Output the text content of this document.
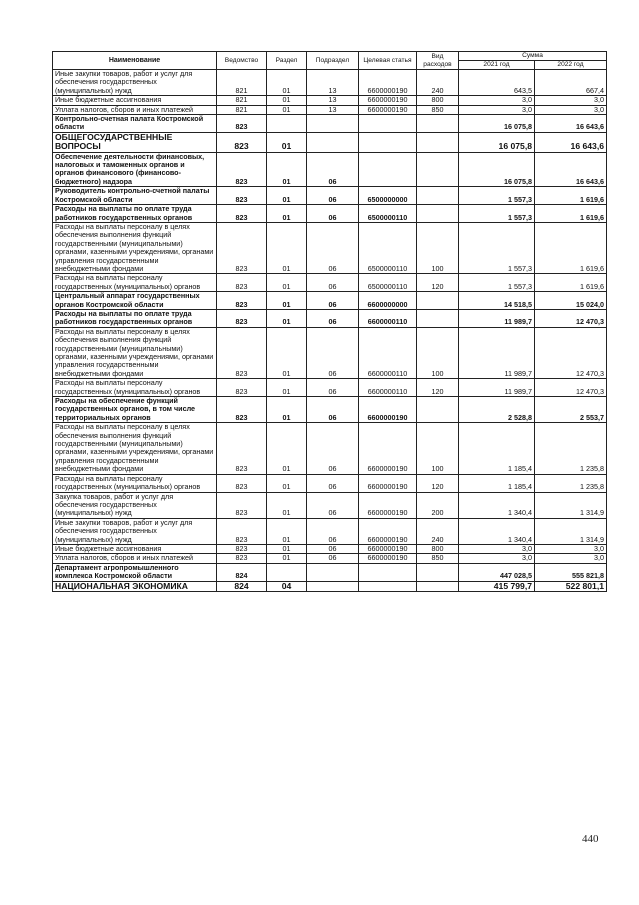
Наименование	Ведомство	Раздел	Подраздел	Целевая статья	Вид расходов	Сумма	
						2021 год	2022 год
Иные закупки товаров, работ и услуг для обеспечения государственных (муниципальных) нужд	821	01	13	6600000190	240	643,5	667,4
Иные бюджетные ассигнования	821	01	13	6600000190	800	3,0	3,0
Уплата налогов, сборов и иных платежей	821	01	13	6600000190	850	3,0	3,0
Контрольно-счетная палата Костромской области	823					16 075,8	16 643,6
ОБЩЕГОСУДАРСТВЕННЫЕ ВОПРОСЫ	823	01				16 075,8	16 643,6
Обеспечение деятельности финансовых, налоговых и таможенных органов и органов финансового (финансово-бюджетного) надзора	823	01	06			16 075,8	16 643,6
Руководитель контрольно-счетной палаты Костромской области	823	01	06	6500000000		1 557,3	1 619,6
Расходы на выплаты по оплате труда работников государственных органов	823	01	06	6500000110		1 557,3	1 619,6
Расходы на выплаты персоналу в целях обеспечения выполнения функций государственными (муниципальными) органами, казенными учреждениями, органами управления государственными внебюджетными фондами	823	01	06	6500000110	100	1 557,3	1 619,6
Расходы на выплаты персоналу государственных (муниципальных) органов	823	01	06	6500000110	120	1 557,3	1 619,6
Центральный аппарат государственных органов Костромской области	823	01	06	6600000000		14 518,5	15 024,0
Расходы на выплаты по оплате труда работников государственных органов	823	01	06	6600000110		11 989,7	12 470,3
Расходы на выплаты персоналу в целях обеспечения выполнения функций государственными (муниципальными) органами, казенными учреждениями, органами управления государственными внебюджетными фондами	823	01	06	6600000110	100	11 989,7	12 470,3
Расходы на выплаты персоналу государственных (муниципальных) органов	823	01	06	6600000110	120	11 989,7	12 470,3
Расходы на обеспечение функций государственных органов, в том числе территориальных органов	823	01	06	6600000190		2 528,8	2 553,7
Расходы на выплаты персоналу в целях обеспечения выполнения функций государственными (муниципальными) органами, казенными учреждениями, органами управления государственными внебюджетными фондами	823	01	06	6600000190	100	1 185,4	1 235,8
Расходы на выплаты персоналу государственных (муниципальных) органов	823	01	06	6600000190	120	1 185,4	1 235,8
Закупка товаров, работ и услуг для обеспечения государственных (муниципальных) нужд	823	01	06	6600000190	200	1 340,4	1 314,9
Иные закупки товаров, работ и услуг для обеспечения государственных (муниципальных) нужд	823	01	06	6600000190	240	1 340,4	1 314,9
Иные бюджетные ассигнования	823	01	06	6600000190	800	3,0	3,0
Уплата налогов, сборов и иных платежей	823	01	06	6600000190	850	3,0	3,0
Департамент агропромышленного комплекса Костромской области	824					447 028,5	555 821,8
НАЦИОНАЛЬНАЯ ЭКОНОМИКА	824	04				415 799,7	522 801,1
440
